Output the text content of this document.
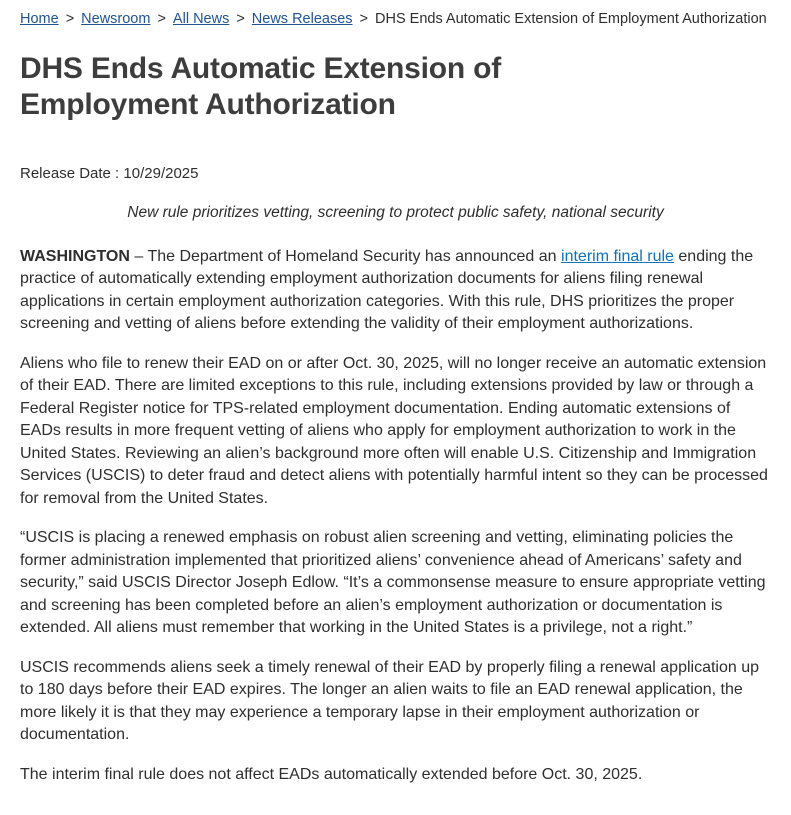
Home > Newsroom > All News > News Releases > DHS Ends Automatic Extension of Employment Authorization
DHS Ends Automatic Extension of Employment Authorization

Release Date : 10/29/2025

New rule prioritizes vetting, screening to protect public safety, national security

WASHINGTON – The Department of Homeland Security has announced an interim final rule ending the practice of automatically extending employment authorization documents for aliens filing renewal applications in certain employment authorization categories. With this rule, DHS prioritizes the proper screening and vetting of aliens before extending the validity of their employment authorizations.

Aliens who file to renew their EAD on or after Oct. 30, 2025, will no longer receive an automatic extension of their EAD. There are limited exceptions to this rule, including extensions provided by law or through a Federal Register notice for TPS-related employment documentation. Ending automatic extensions of EADs results in more frequent vetting of aliens who apply for employment authorization to work in the United States. Reviewing an alien’s background more often will enable U.S. Citizenship and Immigration Services (USCIS) to deter fraud and detect aliens with potentially harmful intent so they can be processed for removal from the United States.

“USCIS is placing a renewed emphasis on robust alien screening and vetting, eliminating policies the former administration implemented that prioritized aliens’ convenience ahead of Americans’ safety and security,” said USCIS Director Joseph Edlow. “It’s a commonsense measure to ensure appropriate vetting and screening has been completed before an alien’s employment authorization or documentation is extended. All aliens must remember that working in the United States is a privilege, not a right.”

USCIS recommends aliens seek a timely renewal of their EAD by properly filing a renewal application up to 180 days before their EAD expires. The longer an alien waits to file an EAD renewal application, the more likely it is that they may experience a temporary lapse in their employment authorization or documentation.

The interim final rule does not affect EADs automatically extended before Oct. 30, 2025.
